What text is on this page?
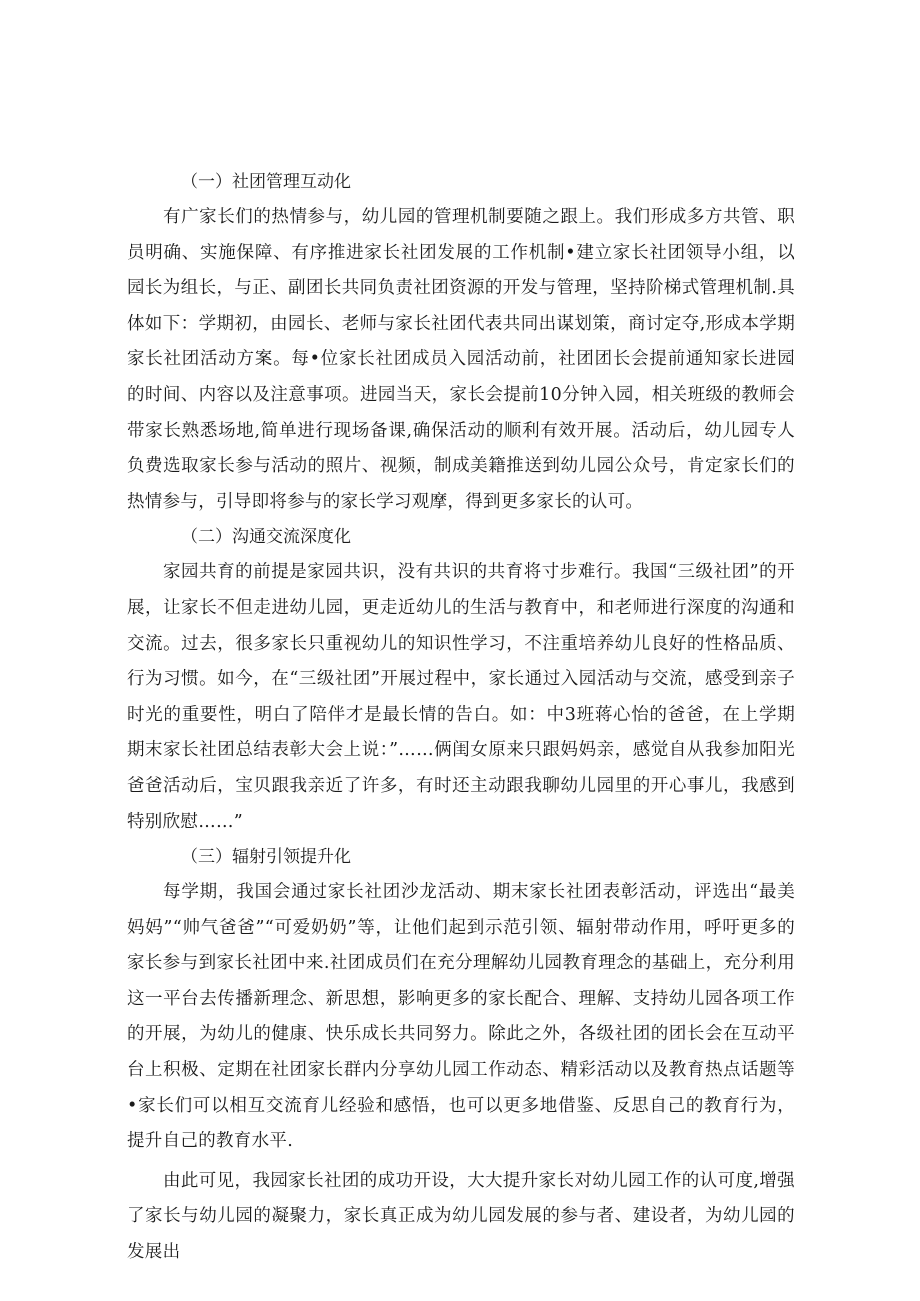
（一）社团管理互动化

有广家长们的热情参与，幼儿园的管理机制要随之跟上。我们形成多方共管、职员明确、实施保障、有序推进家长社团发展的工作机制•建立家长社团领导小组，以园长为组长，与正、副团长共同负责社团资源的开发与管理，坚持阶梯式管理机制.具体如下：学期初，由园长、老师与家长社团代表共同出谋划策，商讨定夺,形成本学期家长社团活动方案。每•位家长社团成员入园活动前，社团团长会提前通知家长进园的时间、内容以及注意事项。进园当天，家长会提前10分钟入园，相关班级的教师会带家长熟悉场地,简单进行现场备课,确保活动的顺利有效开展。活动后，幼儿园专人负费选取家长参与活动的照片、视频，制成美籍推送到幼儿园公众号，肯定家长们的热情参与，引导即将参与的家长学习观摩，得到更多家长的认可。

（二）沟通交流深度化

家园共育的前提是家园共识，没有共识的共育将寸步难行。我国“三级社团”的开展，让家长不但走进幼儿园，更走近幼儿的生活与教育中，和老师进行深度的沟通和交流。过去，很多家长只重视幼儿的知识性学习，不注重培养幼儿良好的性格品质、行为习惯。如今，在“三级社团”开展过程中，家长通过入园活动与交流，感受到亲子时光的重要性，明白了陪伴才是最长情的告白。如：中3班蒋心怡的爸爸，在上学期期末家长社团总结表彰大会上说：”……俩闺女原来只跟妈妈亲，感觉自从我参加阳光爸爸活动后，宝贝跟我亲近了许多，有时还主动跟我聊幼儿园里的开心事儿，我感到特别欣慰……”

（三）辐射引领提升化

每学期，我国会通过家长社团沙龙活动、期末家长社团表彰活动，评选出“最美妈妈”“帅气爸爸”“可爱奶奶”等，让他们起到示范引领、辐射带动作用，呼吁更多的家长参与到家长社团中来.社团成员们在充分理解幼儿园教育理念的基础上，充分利用这一平台去传播新理念、新思想，影响更多的家长配合、理解、支持幼儿园各项工作的开展，为幼儿的健康、快乐成长共同努力。除此之外，各级社团的团长会在互动平台上积极、定期在社团家长群内分享幼儿园工作动态、精彩活动以及教育热点话题等•家长们可以相互交流育儿经验和感悟，也可以更多地借鉴、反思自己的教育行为，提升自己的教育水平.

由此可见，我园家长社团的成功开设，大大提升家长对幼儿园工作的认可度,增强了家长与幼儿园的凝聚力，家长真正成为幼儿园发展的参与者、建设者，为幼儿园的发展出
